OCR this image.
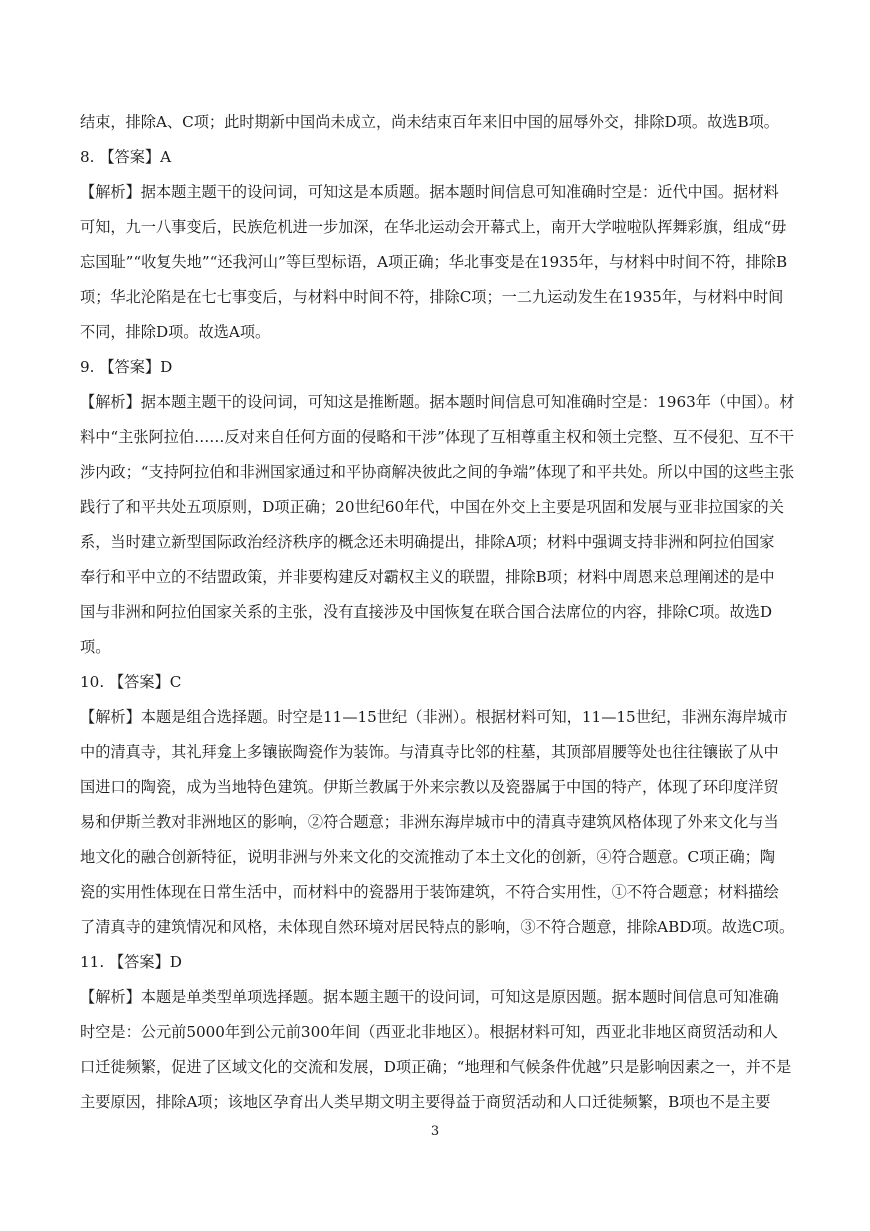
结束，排除A、C项；此时期新中国尚未成立，尚未结束百年来旧中国的屈辱外交，排除D项。故选B项。
8. 【答案】A
【解析】据本题主题干的设问词，可知这是本质题。据本题时间信息可知准确时空是：近代中国。据材料
可知，九一八事变后，民族危机进一步加深，在华北运动会开幕式上，南开大学啦啦队挥舞彩旗，组成“毋
忘国耻”“收复失地”“还我河山”等巨型标语，A项正确；华北事变是在1935年，与材料中时间不符，排除B
项；华北沦陷是在七七事变后，与材料中时间不符，排除C项；一二九运动发生在1935年，与材料中时间
不同，排除D项。故选A项。
9. 【答案】D
【解析】据本题主题干的设问词，可知这是推断题。据本题时间信息可知准确时空是：1963年（中国）。材
料中“主张阿拉伯……反对来自任何方面的侵略和干涉”体现了互相尊重主权和领土完整、互不侵犯、互不干
涉内政；“支持阿拉伯和非洲国家通过和平协商解决彼此之间的争端”体现了和平共处。所以中国的这些主张
践行了和平共处五项原则，D项正确；20世纪60年代，中国在外交上主要是巩固和发展与亚非拉国家的关
系，当时建立新型国际政治经济秩序的概念还未明确提出，排除A项；材料中强调支持非洲和阿拉伯国家
奉行和平中立的不结盟政策，并非要构建反对霸权主义的联盟，排除B项；材料中周恩来总理阐述的是中
国与非洲和阿拉伯国家关系的主张，没有直接涉及中国恢复在联合国合法席位的内容，排除C项。故选D
项。
10. 【答案】C
【解析】本题是组合选择题。时空是11—15世纪（非洲）。根据材料可知，11—15世纪，非洲东海岸城市
中的清真寺，其礼拜龛上多镶嵌陶瓷作为装饰。与清真寺比邻的柱墓，其顶部眉腰等处也往往镶嵌了从中
国进口的陶瓷，成为当地特色建筑。伊斯兰教属于外来宗教以及瓷器属于中国的特产，体现了环印度洋贸
易和伊斯兰教对非洲地区的影响，②符合题意；非洲东海岸城市中的清真寺建筑风格体现了外来文化与当
地文化的融合创新特征，说明非洲与外来文化的交流推动了本土文化的创新，④符合题意。C项正确；陶
瓷的实用性体现在日常生活中，而材料中的瓷器用于装饰建筑，不符合实用性，①不符合题意；材料描绘
了清真寺的建筑情况和风格，未体现自然环境对居民特点的影响，③不符合题意，排除ABD项。故选C项。
11. 【答案】D
【解析】本题是单类型单项选择题。据本题主题干的设问词，可知这是原因题。据本题时间信息可知准确
时空是：公元前5000年到公元前300年间（西亚北非地区）。根据材料可知，西亚北非地区商贸活动和人
口迁徙频繁，促进了区域文化的交流和发展，D项正确；“地理和气候条件优越”只是影响因素之一，并不是
主要原因，排除A项；该地区孕育出人类早期文明主要得益于商贸活动和人口迁徙频繁，B项也不是主要
3
